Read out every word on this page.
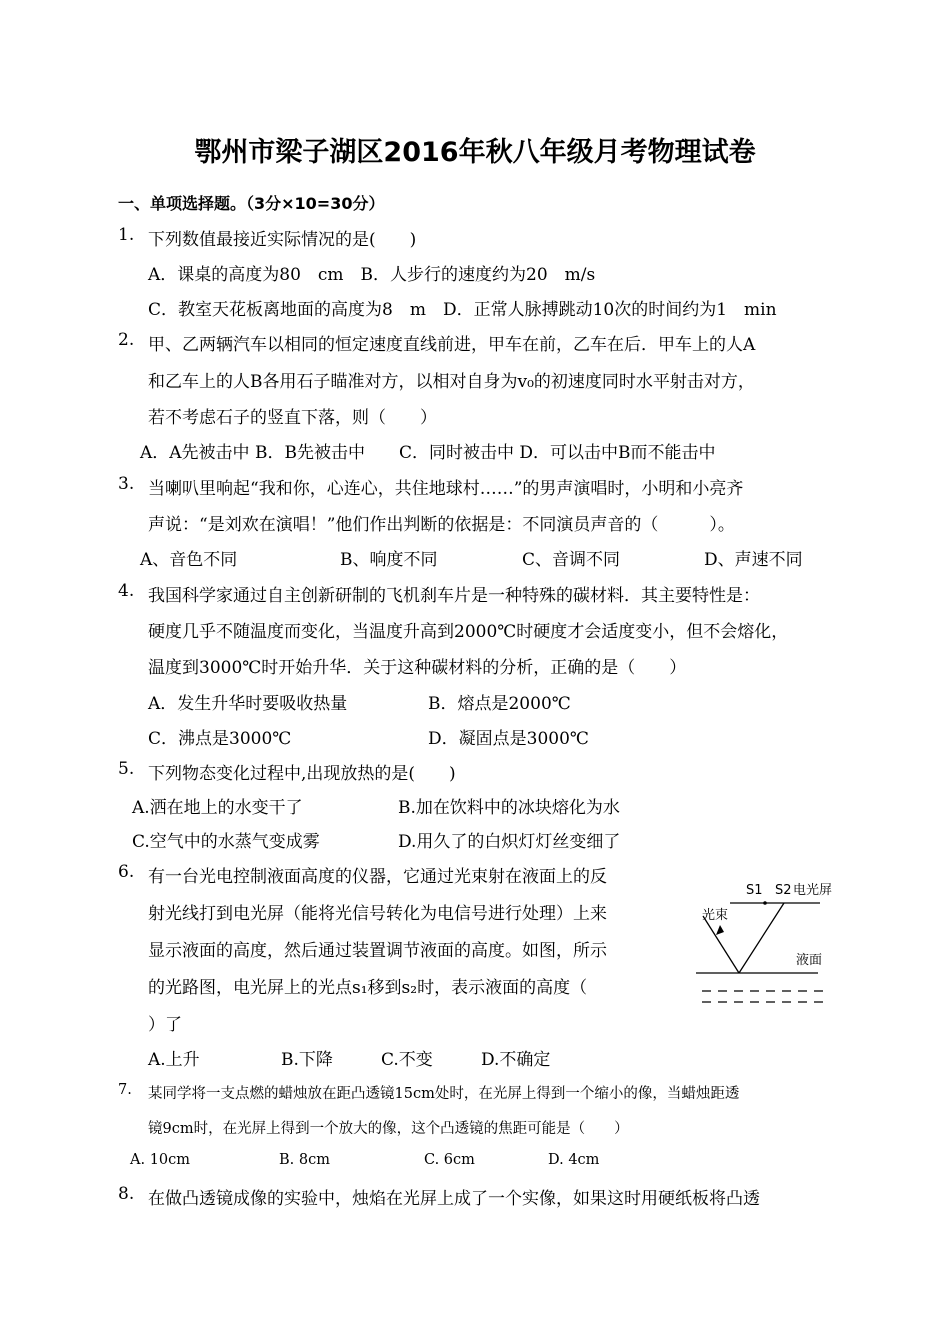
鄂州市梁子湖区2016年秋八年级月考物理试卷
一、单项选择题。（3分×10=30分）
1. 下列数值最接近实际情况的是(　　)
A．课桌的高度为80　cm　B．人步行的速度约为20　m/s
C．教室天花板离地面的高度为8　m　D．正常人脉搏跳动10次的时间约为1　min
2. 甲、乙两辆汽车以相同的恒定速度直线前进，甲车在前，乙车在后．甲车上的人A
和乙车上的人B各用石子瞄准对方，以相对自身为v₀的初速度同时水平射击对方，
若不考虑石子的竖直下落，则（　　）
A．A先被击中 B．B先被击中　　C．同时被击中 D．可以击中B而不能击中
3. 当喇叭里响起“我和你，心连心，共住地球村……”的男声演唱时，小明和小亮齐
声说：“是刘欢在演唱！”他们作出判断的依据是：不同演员声音的（　　　）。
A、音色不同	B、响度不同	C、音调不同	D、声速不同
4. 我国科学家通过自主创新研制的飞机刹车片是一种特殊的碳材料．其主要特性是：
硬度几乎不随温度而变化，当温度升高到2000℃时硬度才会适度变小，但不会熔化，
温度到3000℃时开始升华．关于这种碳材料的分析，正确的是（　　）
A．发生升华时要吸收热量	B．熔点是2000℃
C．沸点是3000℃	D．凝固点是3000℃
5. 下列物态变化过程中,出现放热的是(　　)
A.洒在地上的水变干了	B.加在饮料中的冰块熔化为水
C.空气中的水蒸气变成雾	D.用久了的白炽灯灯丝变细了
6. 有一台光电控制液面高度的仪器，它通过光束射在液面上的反
射光线打到电光屏（能将光信号转化为电信号进行处理）上来
显示液面的高度，然后通过装置调节液面的高度。如图，所示
的光路图，电光屏上的光点s₁移到s₂时，表示液面的高度（
）了
A.上升	B.下降	C.不变	D.不确定
S1 S2 电光屏
光束
液面
7. 某同学将一支点燃的蜡烛放在距凸透镜15cm处时，在光屏上得到一个缩小的像，当蜡烛距透
镜9cm时，在光屏上得到一个放大的像，这个凸透镜的焦距可能是（　　）
A. 10cm	B. 8cm	C. 6cm	D. 4cm
8. 在做凸透镜成像的实验中，烛焰在光屏上成了一个实像，如果这时用硬纸板将凸透
